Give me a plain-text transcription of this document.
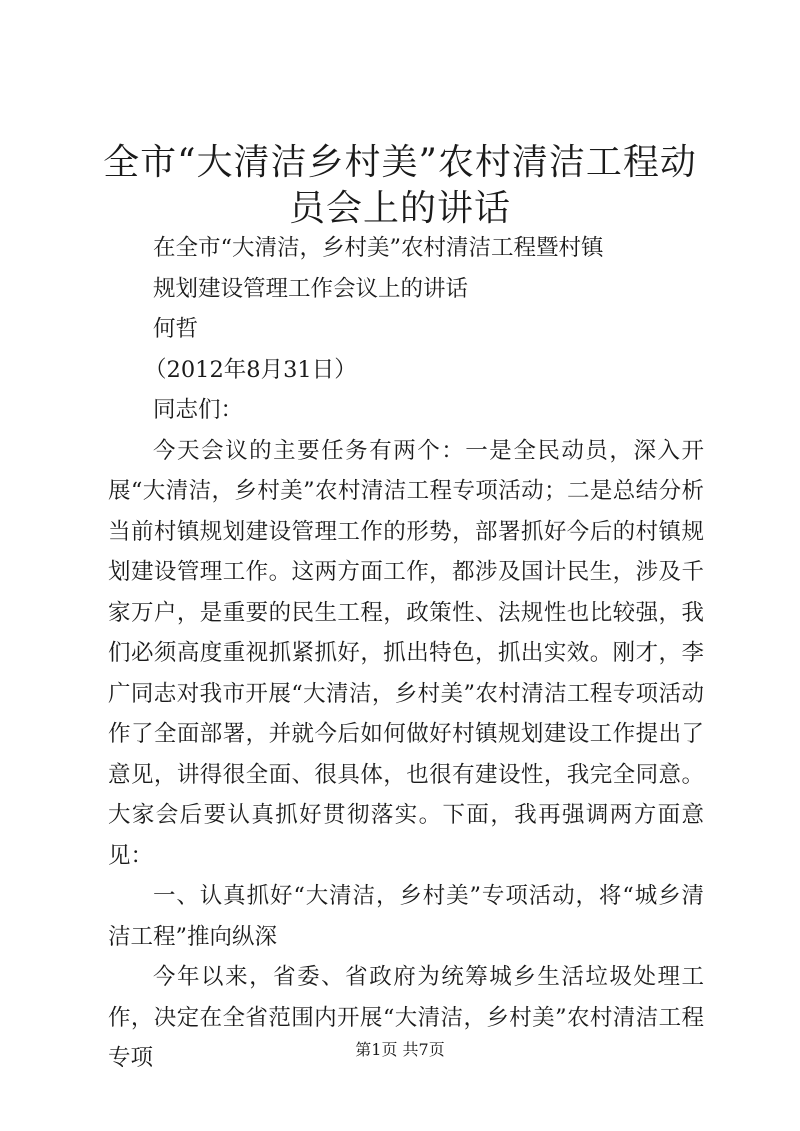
全市“大清洁乡村美”农村清洁工程动员会上的讲话

在全市“大清洁，乡村美”农村清洁工程暨村镇

规划建设管理工作会议上的讲话

何哲

（2012年8月31日）

同志们：

今天会议的主要任务有两个：一是全民动员，深入开展“大清洁，乡村美”农村清洁工程专项活动；二是总结分析当前村镇规划建设管理工作的形势，部署抓好今后的村镇规划建设管理工作。这两方面工作，都涉及国计民生，涉及千家万户，是重要的民生工程，政策性、法规性也比较强，我们必须高度重视抓紧抓好，抓出特色，抓出实效。刚才，李广同志对我市开展“大清洁，乡村美”农村清洁工程专项活动作了全面部署，并就今后如何做好村镇规划建设工作提出了意见，讲得很全面、很具体，也很有建设性，我完全同意。大家会后要认真抓好贯彻落实。下面，我再强调两方面意见：

一、认真抓好“大清洁，乡村美”专项活动，将“城乡清洁工程”推向纵深

今年以来，省委、省政府为统筹城乡生活垃圾处理工作，决定在全省范围内开展“大清洁，乡村美”农村清洁工程专项	第1页 共7页
